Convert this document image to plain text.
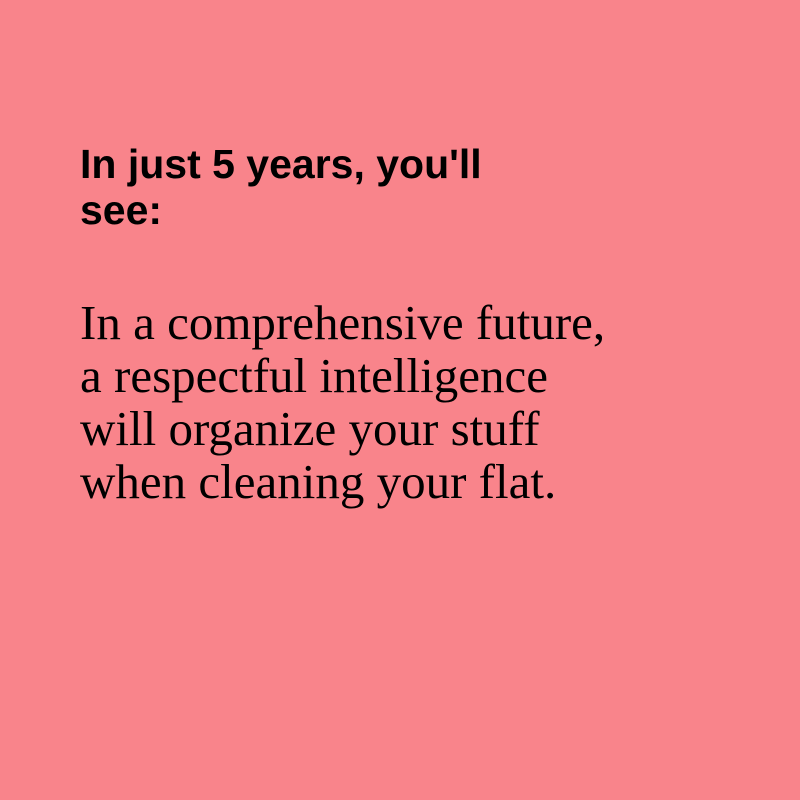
In just 5 years, you'll
see:

In a comprehensive future,
a respectful intelligence
will organize your stuff
when cleaning your flat.
